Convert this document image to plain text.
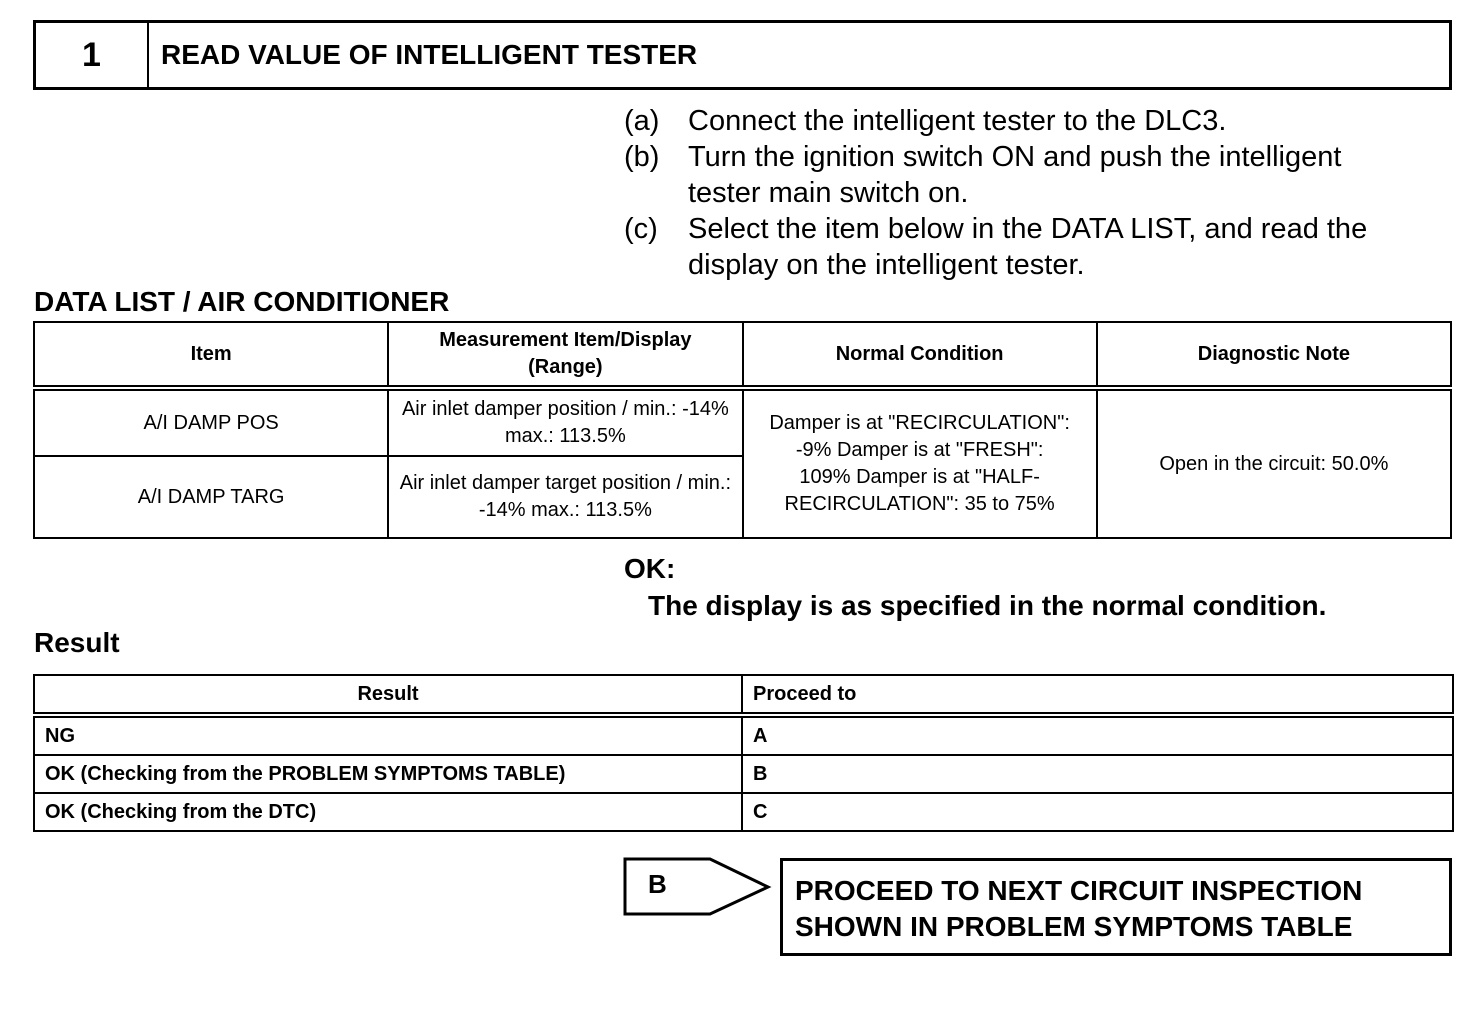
1	READ VALUE OF INTELLIGENT TESTER
(a) Connect the intelligent tester to the DLC3.
(b) Turn the ignition switch ON and push the intelligent tester main switch on.
(c) Select the item below in the DATA LIST, and read the display on the intelligent tester.
DATA LIST / AIR CONDITIONER
Item	Measurement Item/Display (Range)	Normal Condition	Diagnostic Note
A/I DAMP POS	Air inlet damper position / min.: -14% max.: 113.5%	Damper is at "RECIRCULATION": -9% Damper is at "FRESH": 109% Damper is at "HALF-RECIRCULATION": 35 to 75%	Open in the circuit: 50.0%
A/I DAMP TARG	Air inlet damper target position / min.: -14% max.: 113.5%		
OK:
The display is as specified in the normal condition.
Result
Result	Proceed to
NG	A
OK (Checking from the PROBLEM SYMPTOMS TABLE)	B
OK (Checking from the DTC)	C
B	PROCEED TO NEXT CIRCUIT INSPECTION
SHOWN IN PROBLEM SYMPTOMS TABLE
